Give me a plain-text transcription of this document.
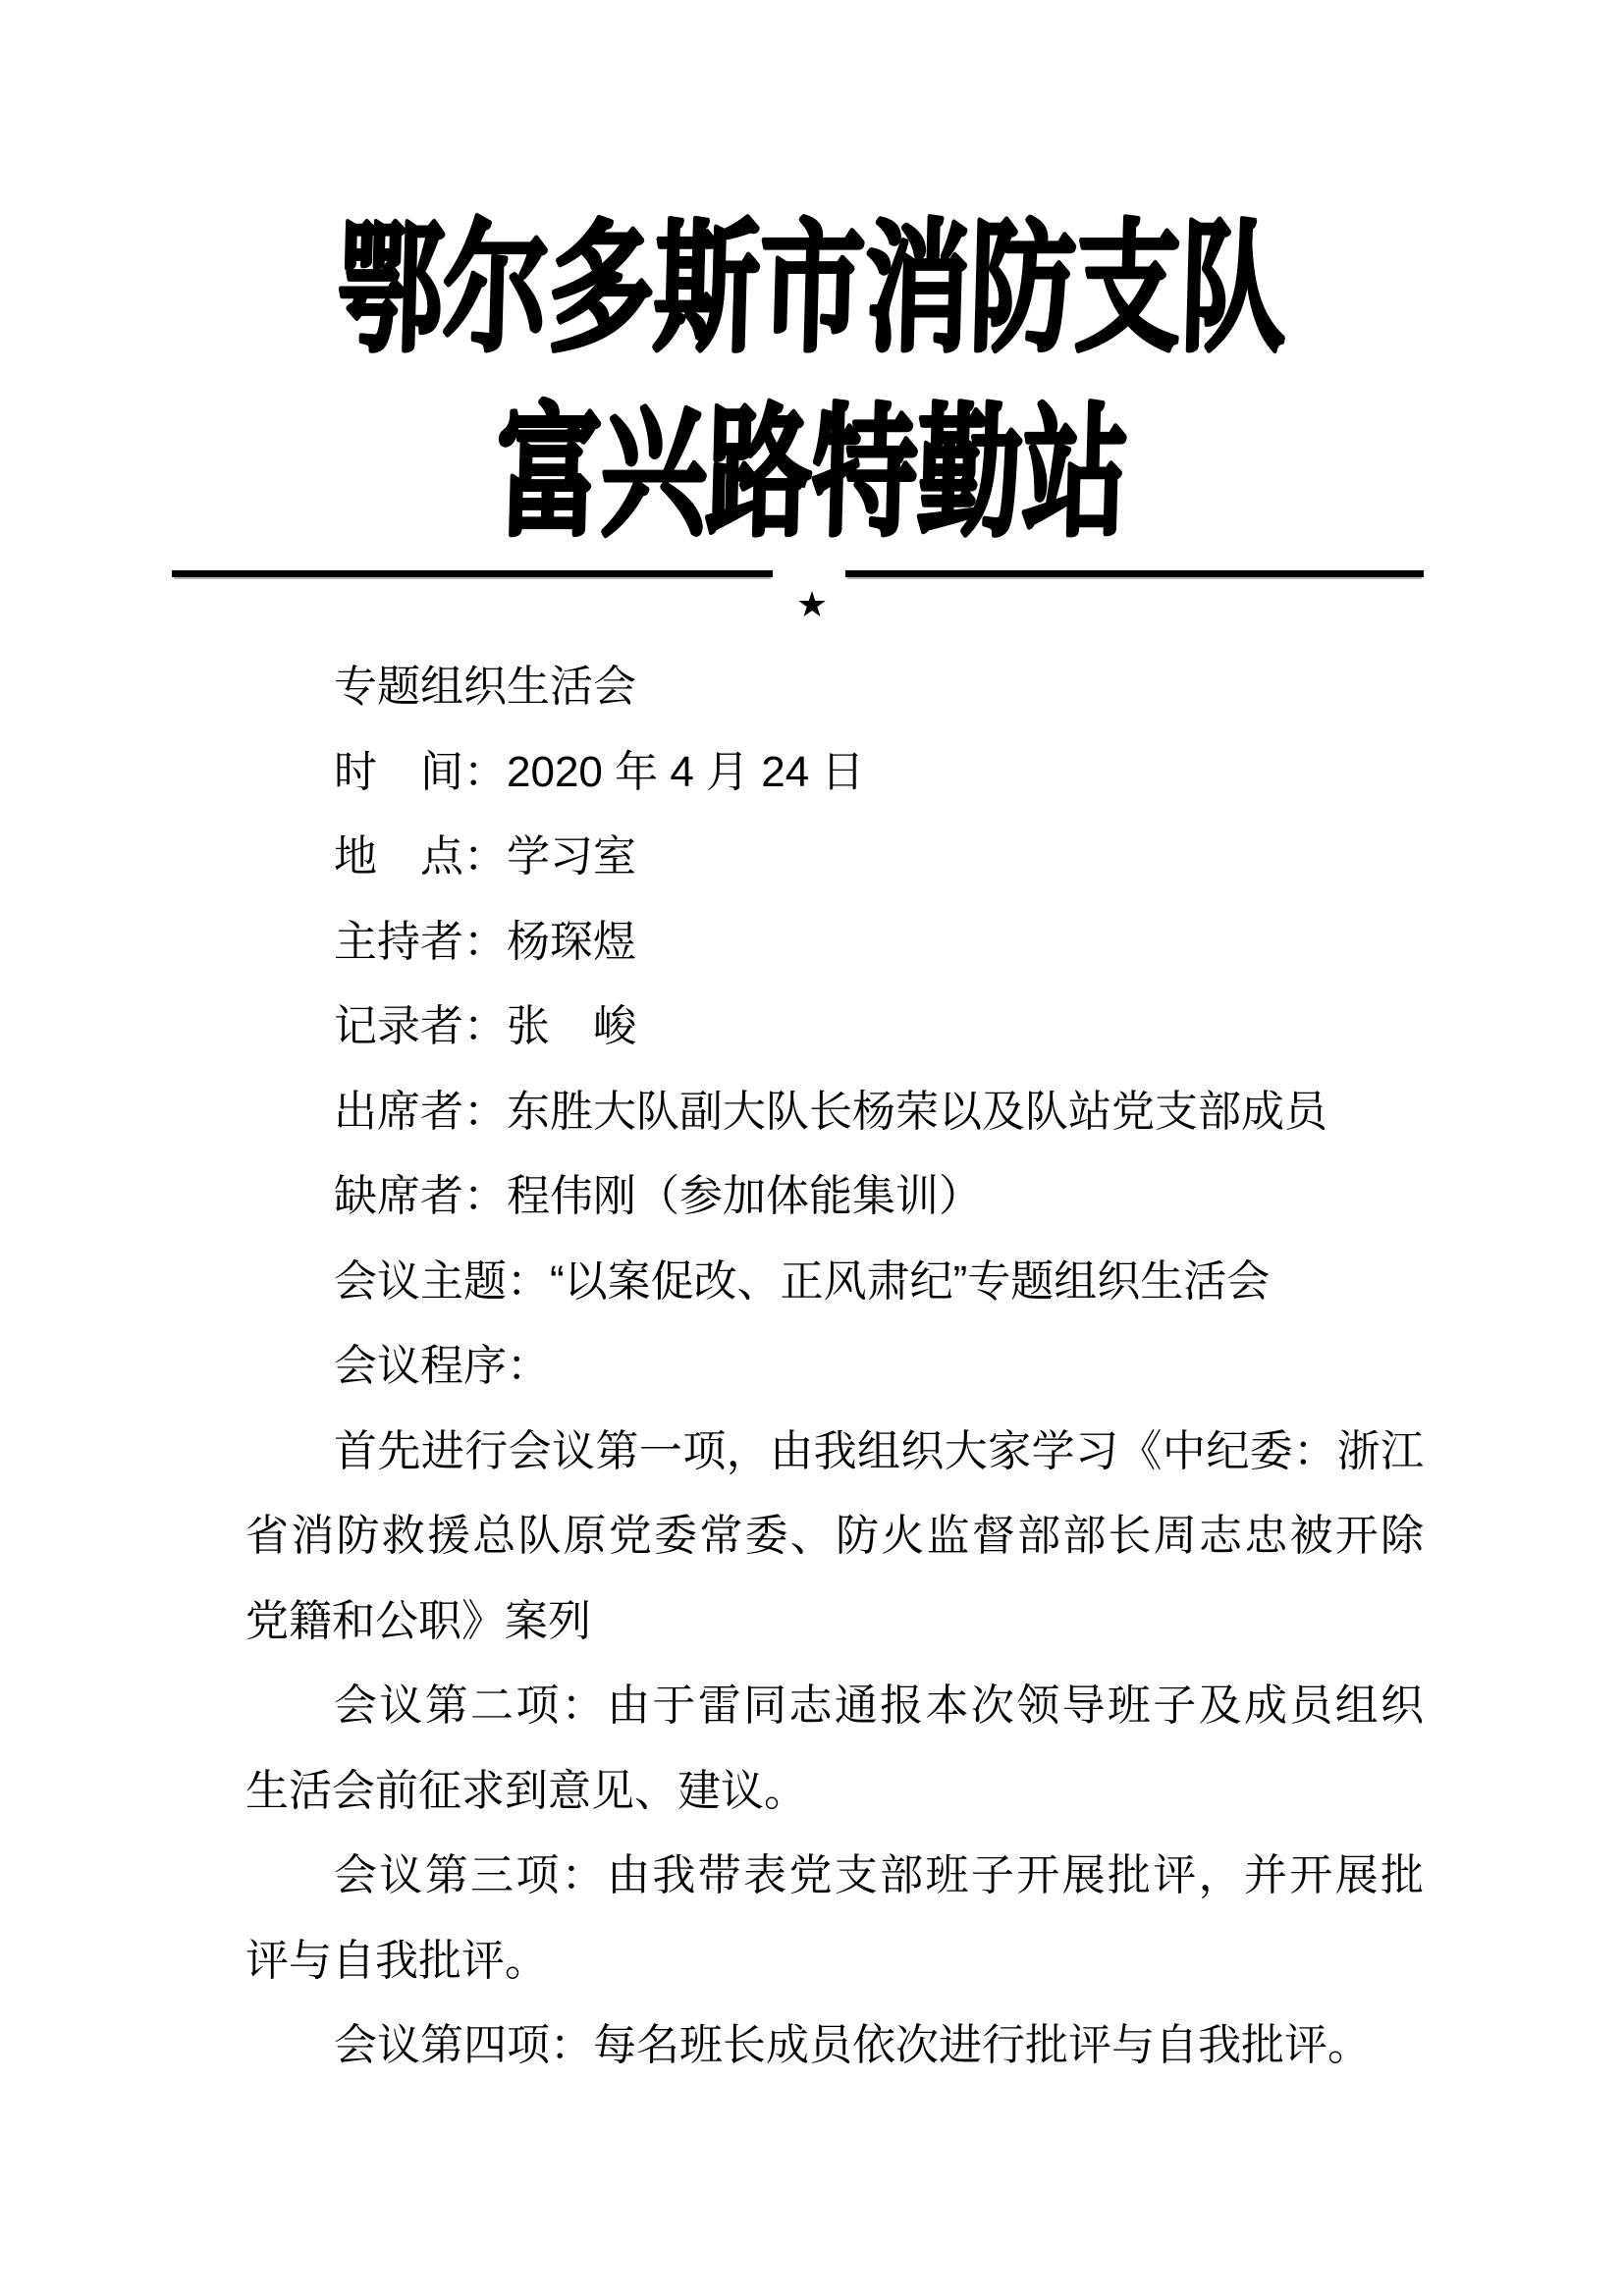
鄂尔多斯市消防支队
富兴路特勤站
★
专题组织生活会
时　间：2020 年 4 月 24 日
地　点：学习室
主持者：杨琛煜
记录者：张　峻
出席者：东胜大队副大队长杨荣以及队站党支部成员
缺席者：程伟刚（参加体能集训）
会议主题：“以案促改、正风肃纪”专题组织生活会
会议程序：
首先进行会议第一项，由我组织大家学习《中纪委：浙江
省消防救援总队原党委常委、防火监督部部长周志忠被开除
党籍和公职》案列
会议第二项：由于雷同志通报本次领导班子及成员组织
生活会前征求到意见、建议。
会议第三项：由我带表党支部班子开展批评，并开展批
评与自我批评。
会议第四项：每名班长成员依次进行批评与自我批评。
